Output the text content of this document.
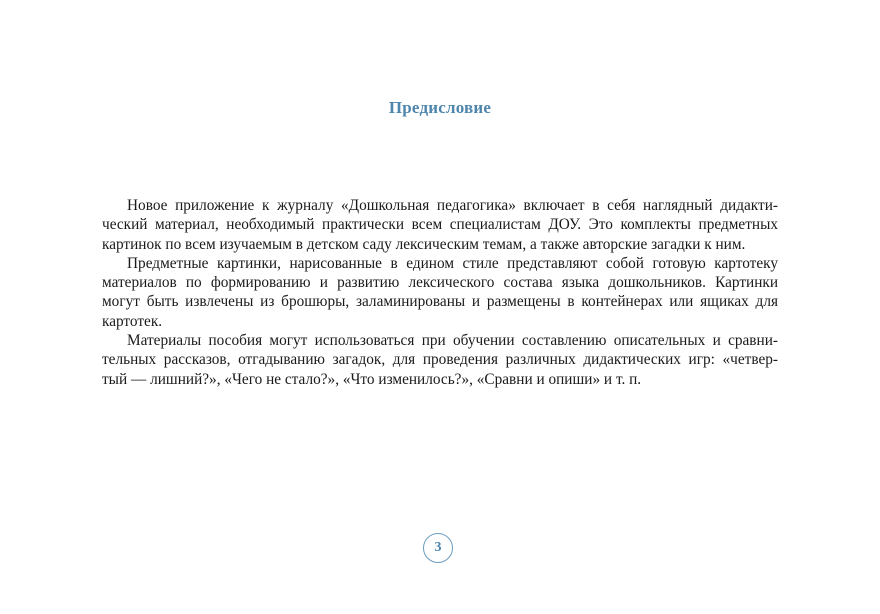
Предисловие
Новое приложение к журналу «Дошкольная педагогика» включает в себя наглядный дидакти-
ческий материал, необходимый практически всем специалистам ДОУ. Это комплекты предметных
картинок по всем изучаемым в детском саду лексическим темам, а также авторские загадки к ним.
Предметные картинки, нарисованные в едином стиле представляют собой готовую картотеку
материалов по формированию и развитию лексического состава языка дошкольников. Картинки
могут быть извлечены из брошюры, заламинированы и размещены в контейнерах или ящиках для
картотек.
Материалы пособия могут использоваться при обучении составлению описательных и сравни-
тельных рассказов, отгадыванию загадок, для проведения различных дидактических игр: «четвер-
тый — лишний?», «Чего не стало?», «Что изменилось?», «Сравни и опиши» и т. п.
3
